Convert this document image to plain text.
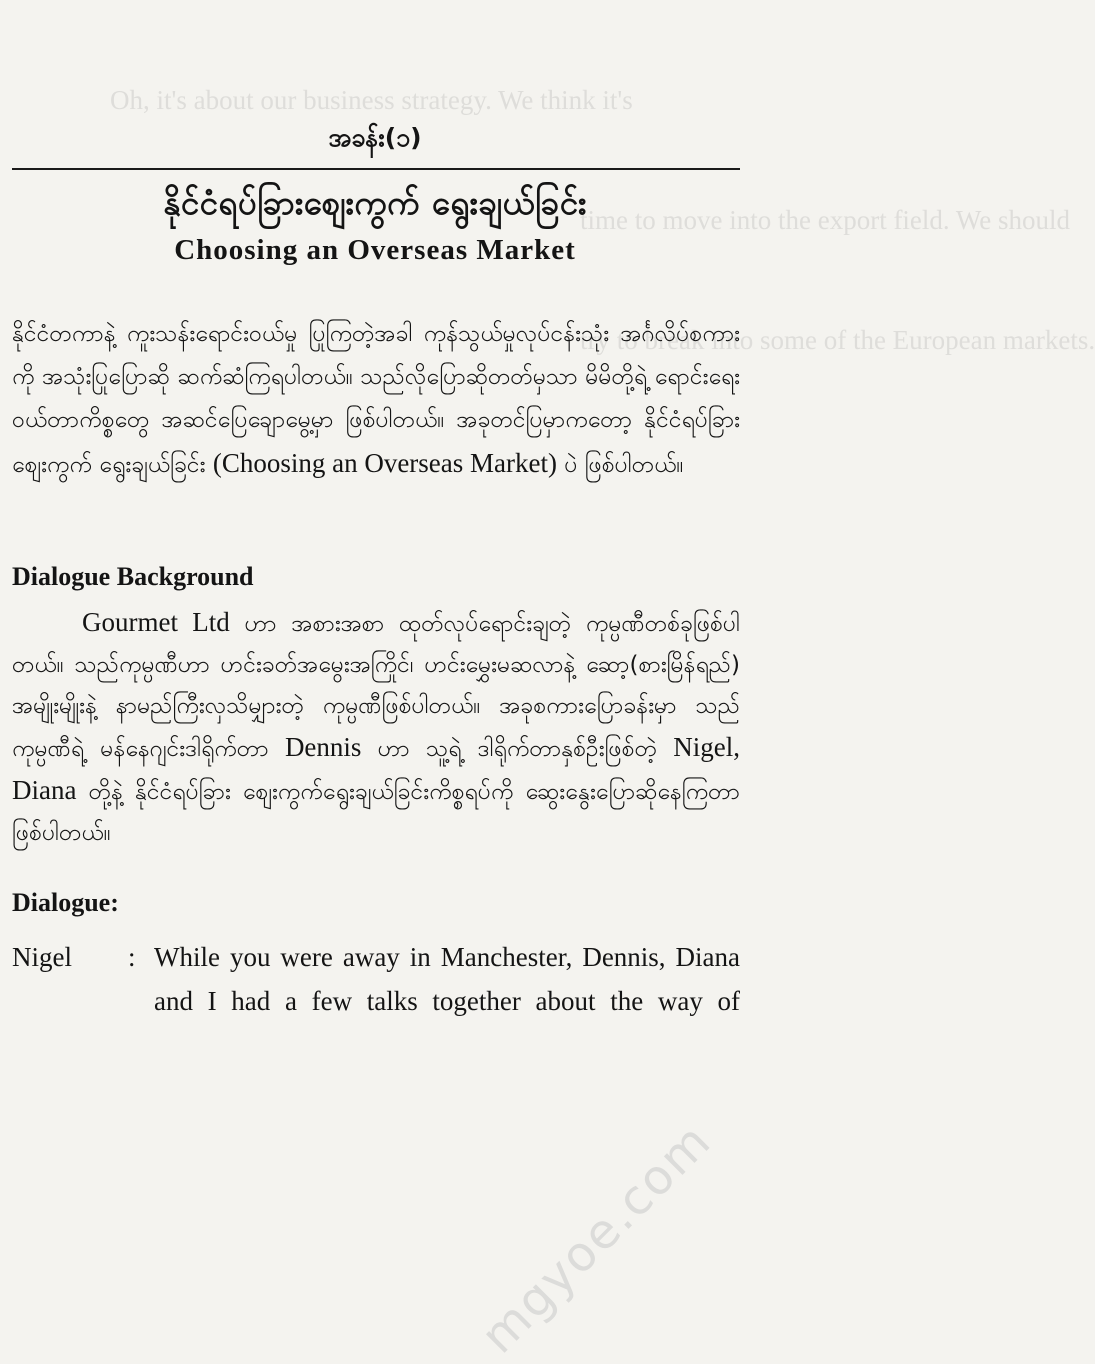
Oh, it's about our business strategy. We think it's

time to move into the export field. We should

try to break into some of the European markets.

အခန်း(၁)
နိုင်ငံရပ်ခြားစျေးကွက် ရွေးချယ်ခြင်း
Choosing an Overseas Market
နိုင်ငံတကာနဲ့ ကူးသန်းရောင်းဝယ်မှု ပြုကြတဲ့အခါ ကုန်သွယ်မှုလုပ်ငန်းသုံး အင်္ဂလိပ်စကားကို အသုံးပြုပြောဆို ဆက်ဆံကြရပါတယ်။ သည်လိုပြောဆိုတတ်မှသာ မိမိတို့ရဲ့ ရောင်းရေးဝယ်တာကိစ္စတွေ အဆင်ပြေချောမွေ့မှာ ဖြစ်ပါတယ်။ အခုတင်ပြမှာကတော့ နိုင်ငံရပ်ခြားစျေးကွက် ရွေးချယ်ခြင်း (Choosing an Overseas Market) ပဲ ဖြစ်ပါတယ်။
Dialogue Background
Gourmet Ltd ဟာ အစားအစာ ထုတ်လုပ်ရောင်းချတဲ့ ကုမ္ပဏီတစ်ခုဖြစ်ပါတယ်။ သည်ကုမ္ပဏီဟာ ဟင်းခတ်အမွေးအကြိုင်၊ ဟင်းမွှေးမဆလာနဲ့ ဆော့(စားမြိန်ရည်) အမျိုးမျိုးနဲ့ နာမည်ကြီးလှသိမျှားတဲ့ ကုမ္ပဏီဖြစ်ပါတယ်။ အခုစကားပြောခန်းမှာ သည်ကုမ္ပဏီရဲ့ မန်နေဂျင်းဒါရိုက်တာ Dennis ဟာ သူ့ရဲ့ ဒါရိုက်တာနှစ်ဦးဖြစ်တဲ့ Nigel, Diana တို့နဲ့ နိုင်ငံရပ်ခြား စျေးကွက်ရွေးချယ်ခြင်းကိစ္စရပ်ကို ဆွေးနွေးပြောဆိုနေကြတာ ဖြစ်ပါတယ်။
Dialogue:
Nigel : While you were away in Manchester, Dennis, Diana and I had a few talks together about the way of
mgyoe.com
